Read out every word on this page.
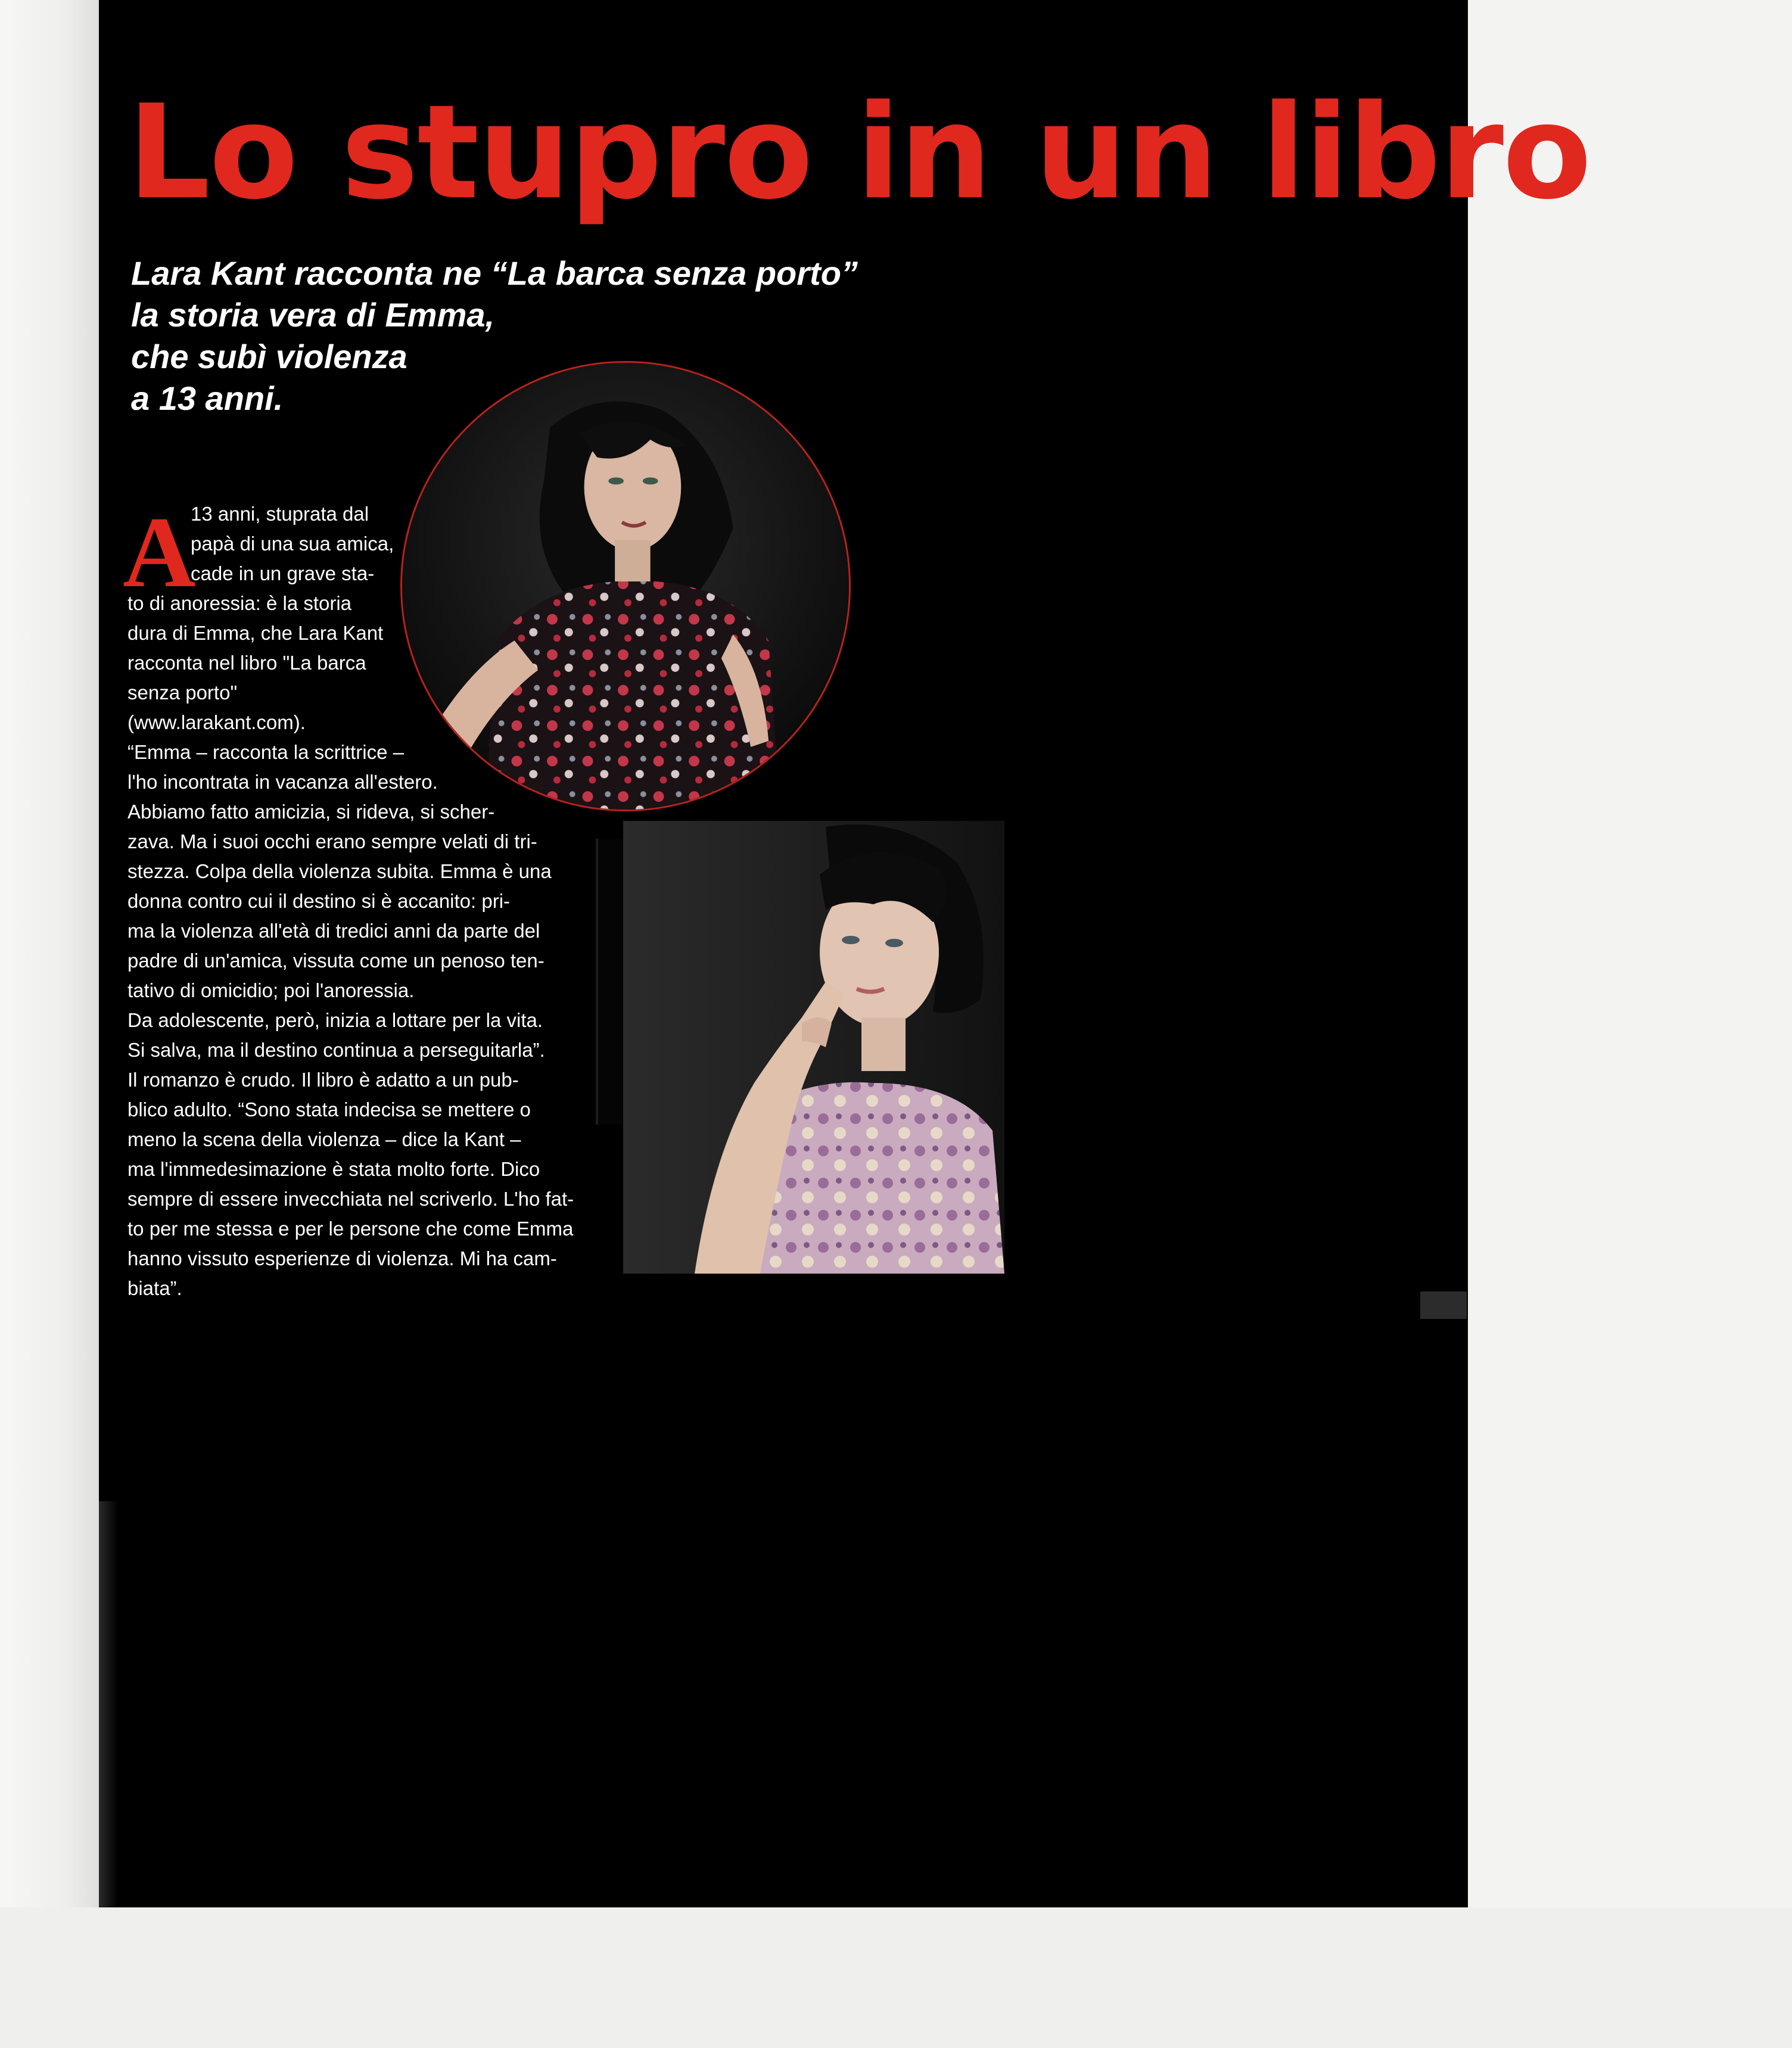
Lo stupro in un libro
Lara Kant racconta ne “La barca senza porto”
la storia vera di Emma,
che subì violenza
a 13 anni.
A

13 anni, stuprata dal

papà di una sua amica,

cade in un grave sta-

to di anoressia: è la storia

dura di Emma, che Lara Kant

racconta nel libro "La barca

senza porto"

(www.larakant.com).

“Emma – racconta la scrittrice –

l'ho incontrata in vacanza all'estero.

Abbiamo fatto amicizia, si rideva, si scher-

zava. Ma i suoi occhi erano sempre velati di tri-

stezza. Colpa della violenza subita. Emma è una

donna contro cui il destino si è accanito: pri-

ma la violenza all'età di tredici anni da parte del

padre di un'amica, vissuta come un penoso ten-

tativo di omicidio; poi l'anoressia.

Da adolescente, però, inizia a lottare per la vita.

Si salva, ma il destino continua a perseguitarla”.

Il romanzo è crudo. Il libro è adatto a un pub-

blico adulto. “Sono stata indecisa se mettere o

meno la scena della violenza – dice la Kant –

ma l'immedesimazione è stata molto forte. Dico

sempre di essere invecchiata nel scriverlo. L'ho fat-

to per me stessa e per le persone che come Emma

hanno vissuto esperienze di violenza. Mi ha cam-

biata”.
